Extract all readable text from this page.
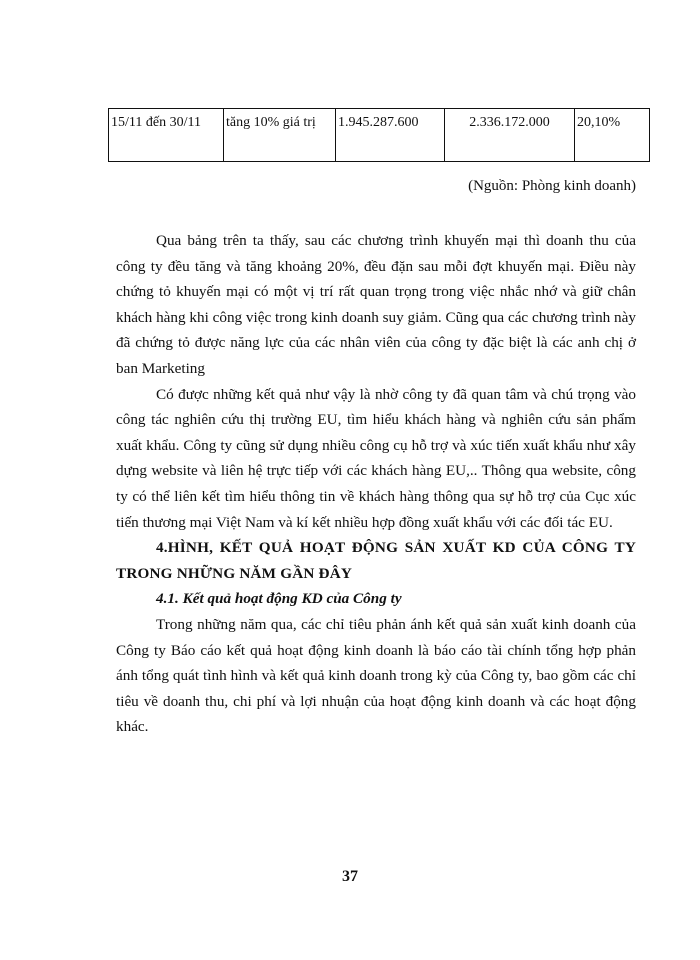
15/11 đến 30/11	tăng 10% giá trị	1.945.287.600	2.336.172.000	20,10%
(Nguồn: Phòng kinh doanh)

Qua bảng trên ta thấy, sau các chương trình khuyến mại thì doanh thu của công ty đều tăng và tăng khoảng 20%, đều đặn sau mỗi đợt khuyến mại. Điều này chứng tỏ khuyến mại có một vị trí rất quan trọng trong việc nhắc nhớ và giữ chân khách hàng khi công việc trong kinh doanh suy giảm. Cũng qua các chương trình này đã chứng tỏ được năng lực của các nhân viên của công ty đặc biệt là các anh chị ở ban Marketing

Có được những kết quả như vậy là nhờ công ty đã quan tâm và chú trọng vào công tác nghiên cứu thị trường EU, tìm hiểu khách hàng và nghiên cứu sản phẩm xuất khẩu. Công ty cũng sử dụng nhiều công cụ hỗ trợ và xúc tiến xuất khẩu như xây dựng website và liên hệ trực tiếp với các khách hàng EU,.. Thông qua website, công ty có thể liên kết tìm hiểu thông tin về khách hàng thông qua sự hỗ trợ của Cục xúc tiến thương mại Việt Nam và kí kết nhiều hợp đồng xuất khẩu với các đối tác EU.

4.HÌNH, KẾT QUẢ HOẠT ĐỘNG SẢN XUẤT KD CỦA CÔNG TY TRONG NHỮNG NĂM GẦN ĐÂY

4.1. Kết quả hoạt động KD của Công ty

Trong những năm qua, các chỉ tiêu phản ánh kết quả sản xuất kinh doanh của Công ty Báo cáo kết quả hoạt động kinh doanh là báo cáo tài chính tổng hợp phản ánh tổng quát tình hình và kết quả kinh doanh trong kỳ của Công ty, bao gồm các chỉ tiêu về doanh thu, chi phí và lợi nhuận của hoạt động kinh doanh và các hoạt động khác.

37
